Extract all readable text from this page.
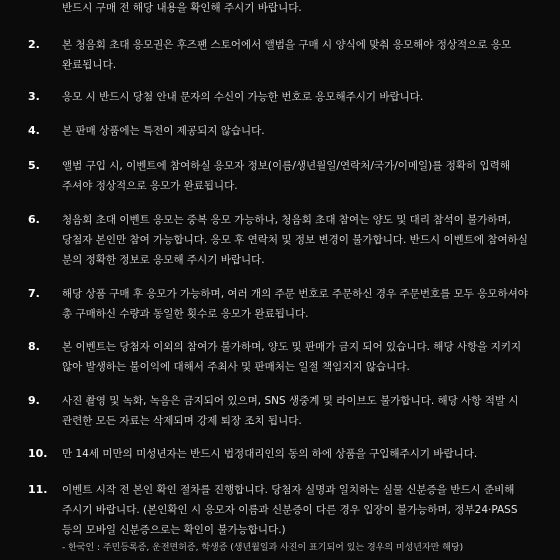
반드시 구매 전 해당 내용을 확인해 주시기 바랍니다.
2.	본 청음회 초대 응모권은 후즈팬 스토어에서 앨범을 구매 시 양식에 맞춰 응모해야 정상적으로 응모
완료됩니다.
3.	응모 시 반드시 당첨 안내 문자의 수신이 가능한 번호로 응모해주시기 바랍니다.
4.	본 판매 상품에는 특전이 제공되지 않습니다.
5.	앨범 구입 시, 이벤트에 참여하실 응모자 정보(이름/생년월일/연락처/국가/이메일)를 정확히 입력해
주셔야 정상적으로 응모가 완료됩니다.
6.	청음회 초대 이벤트 응모는 중복 응모 가능하나, 청음회 초대 참여는 양도 및 대리 참석이 불가하며,
당첨자 본인만 참여 가능합니다. 응모 후 연락처 및 정보 변경이 불가합니다. 반드시 이벤트에 참여하실
분의 정확한 정보로 응모해 주시기 바랍니다.
7.	해당 상품 구매 후 응모가 가능하며, 여러 개의 주문 번호로 주문하신 경우 주문번호를 모두 응모하셔야
총 구매하신 수량과 동일한 횟수로 응모가 완료됩니다.
8.	본 이벤트는 당첨자 이외의 참여가 불가하며, 양도 및 판매가 금지 되어 있습니다. 해당 사항을 지키지
않아 발생하는 불이익에 대해서 주최사 및 판매처는 일절 책임지지 않습니다.
9.	사진 촬영 및 녹화, 녹음은 금지되어 있으며, SNS 생중계 및 라이브도 불가합니다. 해당 사항 적발 시
관련한 모든 자료는 삭제되며 강제 퇴장 조치 됩니다.
10. 만 14세 미만의 미성년자는 반드시 법정대리인의 동의 하에 상품을 구입해주시기 바랍니다.
11. 이벤트 시작 전 본인 확인 절차를 진행합니다. 당첨자 실명과 일치하는 실물 신분증을 반드시 준비해
주시기 바랍니다. (본인확인 시 응모자 이름과 신분증이 다른 경우 입장이 불가능하며, 정부24·PASS
등의 모바일 신분증으로는 확인이 불가능합니다.)
- 한국인 : 주민등록증, 운전면허증, 학생증 (생년월일과 사진이 표기되어 있는 경우의 미성년자만 해당)
